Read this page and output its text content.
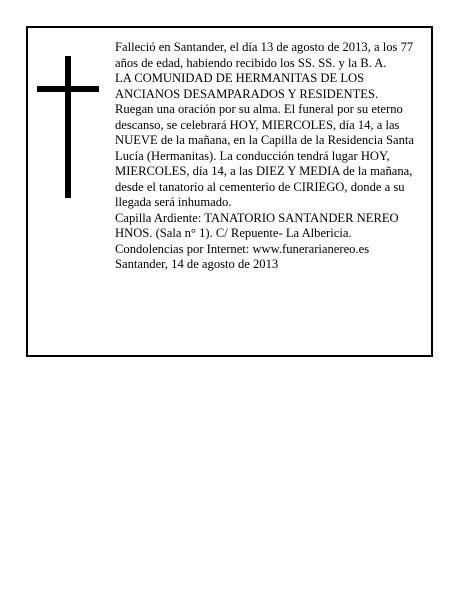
Falleció en Santander, el día 13 de agosto de 2013, a los 77 años de edad, habiendo recibido los SS. SS. y la B. A.

LA COMUNIDAD DE HERMANITAS DE LOS ANCIANOS DESAMPARADOS Y RESIDENTES.

Ruegan una oración por su alma. El funeral por su eterno descanso, se celebrará HOY, MIERCOLES, día 14, a las NUEVE de la mañana, en la Capilla de la Residencia Santa Lucía (Hermanitas). La conducción tendrá lugar HOY, MIERCOLES, día 14, a las DIEZ Y MEDIA de la mañana, desde el tanatorio al cementerio de CIRIEGO, donde a su llegada será inhumado.

Capilla Ardiente: TANATORIO SANTANDER NEREO HNOS. (Sala n° 1). C/ Repuente- La Albericia.

Condolencias por Internet: www.funerarianereo.es

Santander, 14 de agosto de 2013
